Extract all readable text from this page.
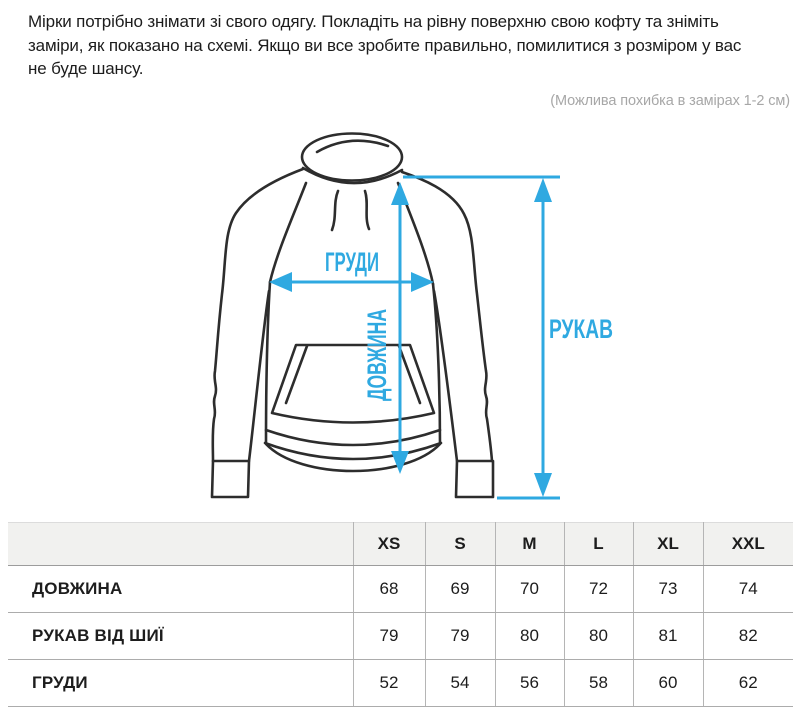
Мірки потрібно знімати зі свого одягу. Покладіть на рівну поверхню свою кофту та зніміть
заміри, як показано на схемі. Якщо ви все зробите правильно, помилитися з розміром у вас
не буде шансу.
(Можлива похибка в замірах 1-2 см)
ГРУДИ
ДОВЖИНА	РУКАВ
	XS	S	M	L	XL	XXL
ДОВЖИНА	68	69	70	72	73	74
РУКАВ ВІД ШИЇ	79	79	80	80	81	82
ГРУДИ	52	54	56	58	60	62
